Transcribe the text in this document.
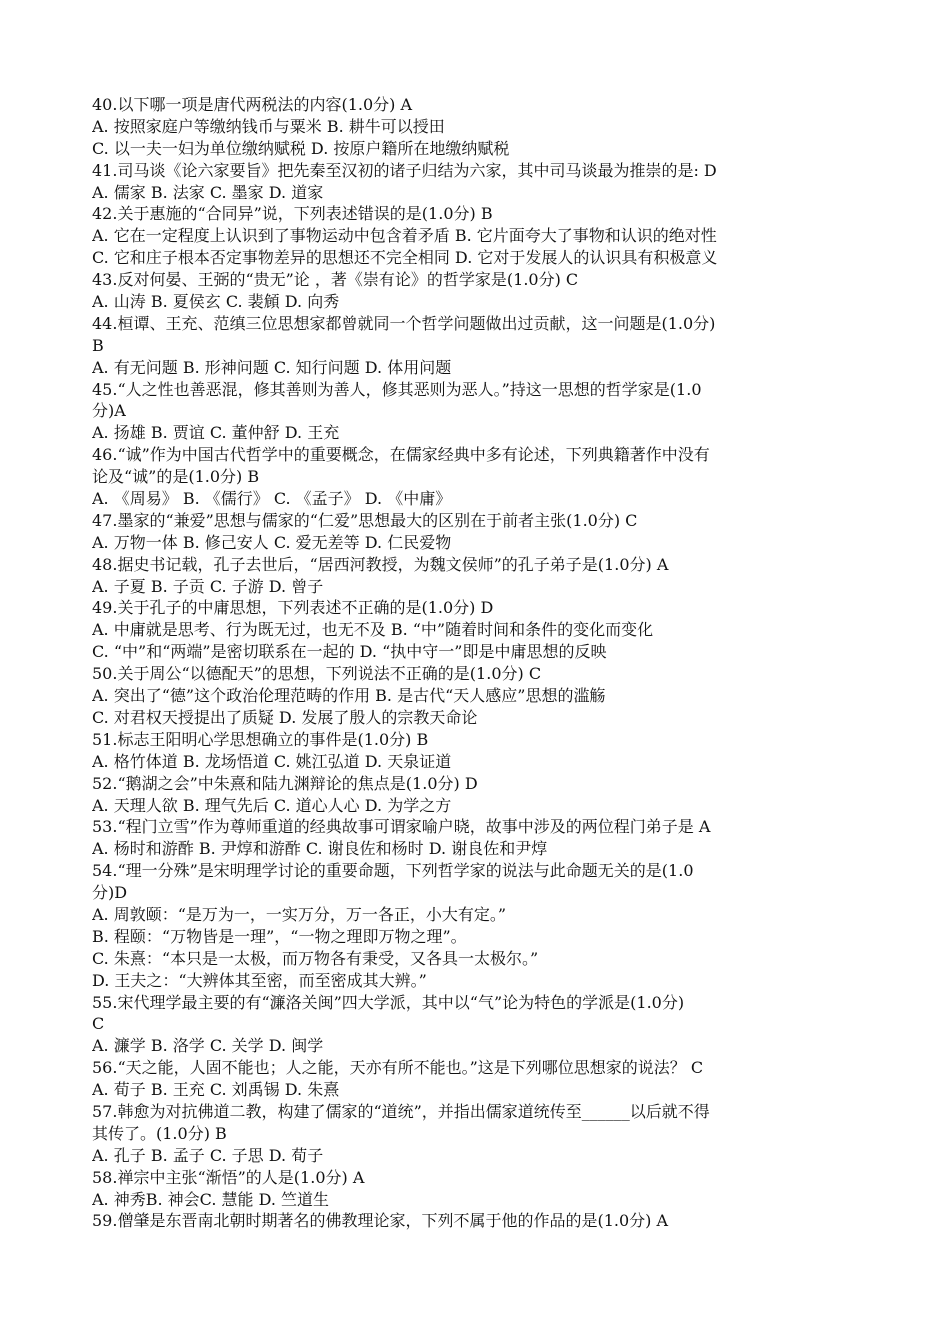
40.以下哪一项是唐代两税法的内容(1.0分) A
A. 按照家庭户等缴纳钱币与粟米 B. 耕牛可以授田
C. 以一夫一妇为单位缴纳赋税 D. 按原户籍所在地缴纳赋税
41.司马谈《论六家要旨》把先秦至汉初的诸子归结为六家，其中司马谈最为推崇的是: D
A. 儒家 B. 法家 C. 墨家 D. 道家
42.关于惠施的“合同异”说，下列表述错误的是(1.0分) B
A. 它在一定程度上认识到了事物运动中包含着矛盾 B. 它片面夸大了事物和认识的绝对性
C. 它和庄子根本否定事物差异的思想还不完全相同 D. 它对于发展人的认识具有积极意义
43.反对何晏、王弼的“贵无”论 ，著《崇有论》的哲学家是(1.0分) C
A. 山涛 B. 夏侯玄 C. 裴頠 D. 向秀
44.桓谭、王充、范缜三位思想家都曾就同一个哲学问题做出过贡献，这一问题是(1.0分)
B
A. 有无问题 B. 形神问题 C. 知行问题 D. 体用问题
45.“人之性也善恶混，修其善则为善人，修其恶则为恶人。”持这一思想的哲学家是(1.0
分)A
A. 扬雄 B. 贾谊 C. 董仲舒 D. 王充
46.“诚”作为中国古代哲学中的重要概念，在儒家经典中多有论述，下列典籍著作中没有
论及“诚”的是(1.0分) B
A. 《周易》 B. 《儒行》 C. 《孟子》 D. 《中庸》
47.墨家的“兼爱”思想与儒家的“仁爱”思想最大的区别在于前者主张(1.0分) C
A. 万物一体 B. 修己安人 C. 爱无差等 D. 仁民爱物
48.据史书记载，孔子去世后，“居西河教授，为魏文侯师”的孔子弟子是(1.0分) A
A. 子夏 B. 子贡 C. 子游 D. 曾子
49.关于孔子的中庸思想，下列表述不正确的是(1.0分) D
A. 中庸就是思考、行为既无过，也无不及 B. “中”随着时间和条件的变化而变化
C. “中”和“两端”是密切联系在一起的 D. “执中守一”即是中庸思想的反映
50.关于周公“以德配天”的思想，下列说法不正确的是(1.0分) C
A. 突出了“德”这个政治伦理范畴的作用 B. 是古代“天人感应”思想的滥觞
C. 对君权天授提出了质疑 D. 发展了殷人的宗教天命论
51.标志王阳明心学思想确立的事件是(1.0分) B
A. 格竹体道 B. 龙场悟道 C. 姚江弘道 D. 天泉证道
52.“鹅湖之会”中朱熹和陆九渊辩论的焦点是(1.0分) D
A. 天理人欲 B. 理气先后 C. 道心人心 D. 为学之方
53.“程门立雪”作为尊师重道的经典故事可谓家喻户晓，故事中涉及的两位程门弟子是 A
A. 杨时和游酢 B. 尹焞和游酢 C. 谢良佐和杨时 D. 谢良佐和尹焞
54.“理一分殊”是宋明理学讨论的重要命题，下列哲学家的说法与此命题无关的是(1.0
分)D
A. 周敦颐：“是万为一，一实万分，万一各正，小大有定。”
B. 程颐：“万物皆是一理”，“一物之理即万物之理”。
C. 朱熹：“本只是一太极，而万物各有秉受，又各具一太极尔。”
D. 王夫之：“大辨体其至密，而至密成其大辨。”
55.宋代理学最主要的有“濂洛关闽”四大学派，其中以“气”论为特色的学派是(1.0分)
C
A. 濂学 B. 洛学 C. 关学 D. 闽学
56.“天之能，人固不能也；人之能，天亦有所不能也。”这是下列哪位思想家的说法？ C
A. 荀子 B. 王充 C. 刘禹锡 D. 朱熹
57.韩愈为对抗佛道二教，构建了儒家的“道统”，并指出儒家道统传至______以后就不得
其传了。(1.0分) B
A. 孔子 B. 孟子 C. 子思 D. 荀子
58.禅宗中主张“渐悟”的人是(1.0分) A
A. 神秀B. 神会C. 慧能 D. 竺道生
59.僧肇是东晋南北朝时期著名的佛教理论家，下列不属于他的作品的是(1.0分) A
